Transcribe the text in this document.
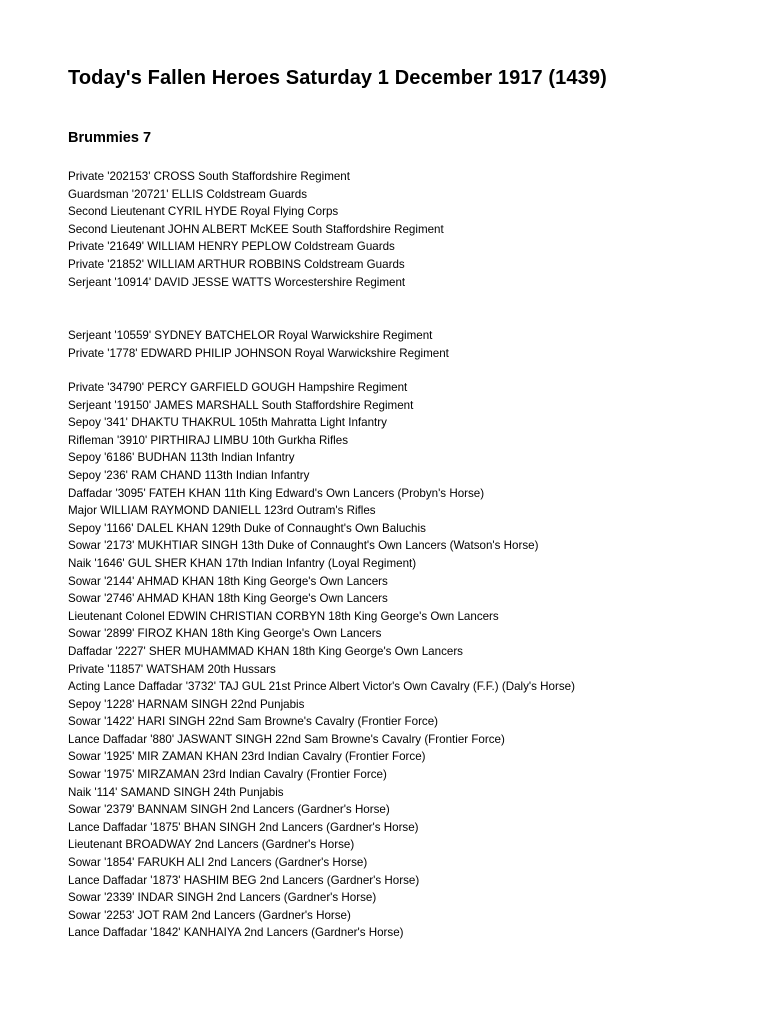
Today's Fallen Heroes Saturday 1 December 1917 (1439)
Brummies 7
Private '202153' CROSS South Staffordshire Regiment
Guardsman '20721' ELLIS Coldstream Guards
Second Lieutenant CYRIL HYDE Royal Flying Corps
Second Lieutenant JOHN ALBERT McKEE South Staffordshire Regiment
Private '21649' WILLIAM HENRY PEPLOW Coldstream Guards
Private '21852' WILLIAM ARTHUR ROBBINS Coldstream Guards
Serjeant '10914' DAVID JESSE WATTS Worcestershire Regiment
Serjeant '10559' SYDNEY BATCHELOR Royal Warwickshire Regiment
Private '1778' EDWARD PHILIP JOHNSON Royal Warwickshire Regiment
Private '34790' PERCY GARFIELD GOUGH Hampshire Regiment
Serjeant '19150' JAMES MARSHALL South Staffordshire Regiment
Sepoy '341' DHAKTU THAKRUL 105th Mahratta Light Infantry
Rifleman '3910' PIRTHIRAJ LIMBU 10th Gurkha Rifles
Sepoy '6186' BUDHAN 113th Indian Infantry
Sepoy '236' RAM CHAND 113th Indian Infantry
Daffadar '3095' FATEH KHAN 11th King Edward's Own Lancers (Probyn's Horse)
Major WILLIAM RAYMOND DANIELL 123rd Outram's Rifles
Sepoy '1166' DALEL KHAN 129th Duke of Connaught's Own Baluchis
Sowar '2173' MUKHTIAR SINGH 13th Duke of Connaught's Own Lancers (Watson's Horse)
Naik '1646' GUL SHER KHAN 17th Indian Infantry (Loyal Regiment)
Sowar '2144' AHMAD KHAN 18th King George's Own Lancers
Sowar '2746' AHMAD KHAN 18th King George's Own Lancers
Lieutenant Colonel EDWIN CHRISTIAN CORBYN 18th King George's Own Lancers
Sowar '2899' FIROZ KHAN 18th King George's Own Lancers
Daffadar '2227' SHER MUHAMMAD KHAN 18th King George's Own Lancers
Private '11857' WATSHAM 20th Hussars
Acting Lance Daffadar '3732' TAJ GUL 21st Prince Albert Victor's Own Cavalry (F.F.) (Daly's Horse)
Sepoy '1228' HARNAM SINGH 22nd Punjabis
Sowar '1422' HARI SINGH 22nd Sam Browne's Cavalry (Frontier Force)
Lance Daffadar '880' JASWANT SINGH 22nd Sam Browne's Cavalry (Frontier Force)
Sowar '1925' MIR ZAMAN KHAN 23rd Indian Cavalry (Frontier Force)
Sowar '1975' MIRZAMAN 23rd Indian Cavalry (Frontier Force)
Naik '114' SAMAND SINGH 24th Punjabis
Sowar '2379' BANNAM SINGH 2nd Lancers (Gardner's Horse)
Lance Daffadar '1875' BHAN SINGH 2nd Lancers (Gardner's Horse)
Lieutenant BROADWAY 2nd Lancers (Gardner's Horse)
Sowar '1854' FARUKH ALI 2nd Lancers (Gardner's Horse)
Lance Daffadar '1873' HASHIM BEG 2nd Lancers (Gardner's Horse)
Sowar '2339' INDAR SINGH 2nd Lancers (Gardner's Horse)
Sowar '2253' JOT RAM 2nd Lancers (Gardner's Horse)
Lance Daffadar '1842' KANHAIYA 2nd Lancers (Gardner's Horse)
